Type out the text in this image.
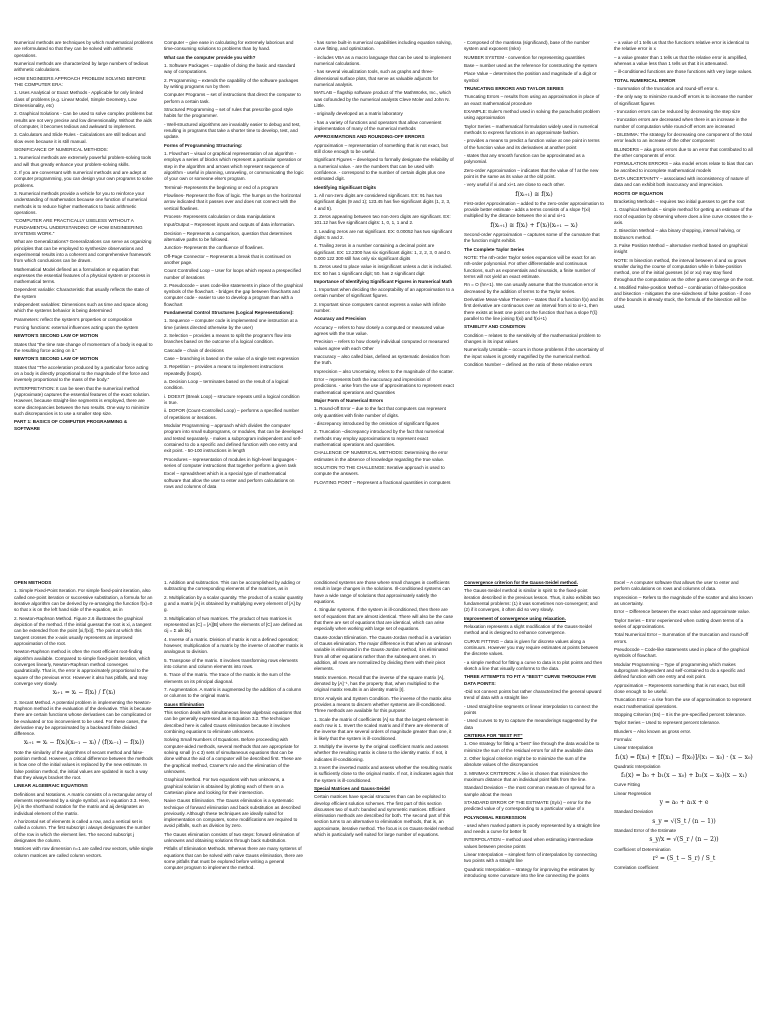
Numerical methods are techniques by which mathematical problems are reformulated so that they can be solved with arithmetic operations.

Numerical methods are characterized by large numbers of tedious arithmetic calculations.

HOW ENGINEERS APPROACH PROBLEM SOLVING BEFORE THE COMPUTER ERA:

1. Uses Analytical or Exact Methods - Applicable for only limited class of problems (e.g. Linear Model, Simple Geometry, Low Dimensionality, etc)

2. Graphical Solutions - Can be used to solve complex problems but results are not very precise and low dimensionality. Without the aids of computer, it becomes tedious and awkward to implement.

3. Calculators and Slide Rules - Calculations are still tedious and slow even because it is still manual.

SIGNIFICANCE OF NUMERICAL METHODS:

1. Numerical methods are extremely powerful problem-solving tools and will thus greatly enhance your problem-solving skills.

2. If you are conversant with numerical methods and are adept at computer programming, you can design your own programs to solve problems.

3. Numerical methods provide a vehicle for you to reinforce your understanding of mathematics because one function of numerical methods is to reduce higher mathematics to basic arithmetic operations.

"COMPUTER ARE PRACTICALLY USELESS WITHOUT A FUNDAMENTAL UNDERSTANDING OF HOW ENGINEERING SYSTEMS WORK."

What are Generalizations? Generalizations can serve as organizing principles that can be employed to synthesize observations and experimental results into a coherent and comprehensive framework from which conclusions can be drawn.

Mathematical Model defined as a formulation or equation that expresses the essential features of a physical system or process in mathematical terms.

Dependent variable: Characteristic that usually reflects the state of the system

Independent variables: Dimensions such as time and space along which the systems behavior is being determined

Parameters: reflect the system's properties or composition

Forcing functions: external influences acting upon the system

NEWTON'S SECOND LAW OF MOTION

States that "the time rate change of momentum of a body is equal to the resulting force acting on it."

NEWTON'S SECOND LAW OF MOTION

States that "The acceleration produced by a particular force acting on a body is directly proportional to the magnitude of the force and inversely proportional to the mass of the body."

INTERPRETATION: It can be seen that the numerical method (Approximate) captures the essential features of the exact solution. However, because straight-line segments is employed, there are some discrepancies between the two results. One way to minimize such discrepancies is to use a smaller step size.

PART 1: BASICS OF COMPUTER PROGRAMMING & SOFTWARE

Computer – give ease in calculating for extremely laborious and time-consuming solutions to problems than by hand.

What can the computer provide you with?

1. Software Packages – capable of doing the basic and standard way of computations.

2. Programming – extends the capability of the software packages by writing programs run by them

Computer Programs – set of instructions that direct the computer to perform a certain task.

Structured Programming – set of rules that prescribe good style habits for the programmer.

- Well-structured algorithms are invariably easier to debug and test, resulting in programs that take a shorter time to develop, test, and update.

Forms of Programming Structuring:

1. Flowchart – visual or graphical representation of an algorithm - employs a series of blocks which represent a particular operation or step in the algorithm and arrows which represent sequence of algorithm - useful in planning, unraveling, or communicating the logic of your own or someone else's program.

Terminal- Represents the beginning or end of a program

Flowlines- Represent the flow of logic. The humps on the horizontal arrow indicated that it passes over and does not connect with the vertical flowlines.

Process- Represents calculation or data manipulations

Input/Output – Represent inputs and outputs of data information.

Decision – Represents a comparison, question that determines alternative paths to be followed.

Junction- Represents the confluence of flowlines.

Off-Page Connector – Represents a break that is continued on another page.

Count Controlled Loop – User for loops which repeat a prespecified number of iterations

2. Pseudocode – uses code-like statements in place of the graphical symbols of the flowchart. - bridges the gap between flowcharts and computer code - easier to use to develop a program than with a flowchart

Fundamental Control Structures (Logical Representations):

1. Sequence – computer code is implemented one instruction at a time (unless directed otherwise by the user)

2. Selection – provides a means to split the program's flow into branches based on the outcome of a logical condition.

Cascade – chain of decisions

Case – branching is based on the value of a single test expression

3. Repetition – provides a means to implement instructions repeatedly (loops).

a. Decision Loop – terminates based on the result of a logical condition.

i. DOEXIT (Break Loop) – structure repeats until a logical condition is true.

ii. DOFOR (Count-Controlled Loop) – performs a specified number of repetitions or iterations.

Modular Programming – approach which divides the computer program into small subprograms, or modules, that can be developed and tested separately. - makes a subprogram independent and self-contained to do a specific and defined function with one entry and exit point. - 50-100 instructions in length

Procedures – representation of modules in high-level languages - series of computer instructions that together perform a given task

Excel – spreadsheet which is a special type of mathematical software that allow the user to enter and perform calculations on rows and columns of data

- has some built-in numerical capabilities including equation solving, curve fitting, and optimization.

- includes VBA as a macro language that can be used to implement numerical calculations.

- has several visualization tools, such as graphs and three-dimensional surface plots, that serve as valuable adjuncts for numerical analysis.

MATLAB – flagship software product of The MathWorks, Inc., which was cofounded by the numerical analysts Cleve Moler and John N. Little.

- originally developed as a matrix laboratory

- has a variety of functions and operators that allow convenient implementation of many of the numerical methods

APPROXIMATIONS AND ROUNDING-OFF ERRORS

Approximation – representation of something that is not exact, but still close enough to be useful.

Significant Figures – developed to formally designate the reliability of a numerical value. - are the numbers that can be used with confidence. - correspond to the number of certain digits plus one estimated digit.

Identifying Significant Digits

1. All non-zero digits are considered significant. EX: 91 has two significant digits (9 and 1); 123.45 has five significant digits (1, 2, 3, 4 and 5).

2. Zeros appearing between two non-zero digits are significant. EX: 101.12 has five significant digits: 1, 0, 1, 1 and 2.

3. Leading zeros are not significant. EX: 0.00052 has two significant digits: 5 and 2.

4. Trailing zeros in a number containing a decimal point are significant. EX: 12.2300 has six significant digits: 1, 2, 2, 3, 0 and 0. 0.000 122 300 still has only six significant digits

5. Zeros used to place value is insignificant unless a dot is included. EX: 50 has 1 significant digit; 50. has 2 significant digit

Importance of Identifying Significant Figures in Numerical Math

1. Important when deciding the acceptability of an approximation to a certain number of significant figures.

2. Important since computers cannot express a value with infinite number.

Accuracy and Precision

Accuracy – refers to how closely a computed or measured value agrees with the true value.

Precision – refers to how closely individual computed or measured values agree with each Other

Inaccuracy – also called bias, defined as systematic deviation from the truth.

Imprecision – also Uncertainty, refers to the magnitude of the scatter.

Error – represents both the inaccuracy and imprecision of predictions. - arise from the use of approximations to represent exact mathematical operations and Quantities

Major Form of Numerical Errors

1. Round-off Error – due to the fact that computers can represent only quantities with finite number of digits.

- discrepancy introduced by the omission of significant figures

2. Truncation –discrepancy introduced by the fact that numerical methods may employ approximations to represent exact mathematical operations and quantities.

CHALLENGE OF NUMERICAL METHODS: Determining the error estimates in the absence of knowledge regarding the true value.

SOLUTION TO THE CHALLENGE: Iterative approach is used to compute the answers.

FLOATING POINT – Represent a fractional quantities in computers

- Composed of the mantissa (significand), base of the number system and exponent (mkn)

NUMBER SYSTEM - convention for representing quantities

Base – number used as the reference for constructing the system

Place Value – determines the position and magnitude of a digit or symbol

TRUNCATING ERRORS AND TAYLOR SERIES

Truncating Errors – results from using an approximation in place of an exact mathematical procedure

EXAMPLE: Euler's method used in solving the parachutist problem using approximation

Taylor Series – mathematical formulation widely used in numerical methods to express functions in an approximate fashion.

- provides a means to predict a function value at one point in terms of the function value and its derivatives at another point

- states that any smooth function can be approximated as a polynomial.

Zero-order Approximation – indicates that the value of f at the new point is the same as its value at the old point.

- very useful if xi and xi+1 are close to each other.

f(xᵢ₊₁) ≅ f(xᵢ)

First-order Approximation – added to the zero-order approximation to provide better estimate - adds a terms consists of a slope f′(xi) multiplied by the distance between the xi and xi+1

f(xᵢ₊₁) ≅ f(xᵢ) + f′(xᵢ)(xᵢ₊₁ − xᵢ)

Second-order Approximation – captures some of the curvature that the function might exhibit.

The Complete Taylor Series

NOTE: The nth-order Taylor series expansion will be exact for an nth-order polynomial. For other differentiable and continuous functions, such as exponentials and sinusoids, a finite number of terms will not yield an exact estimate.

Rn = O (hn+1). We can usually assume that the truncation error is decreased by the addition of terms to the Taylor series.

Derivative Mean-Value Theorem – states that if a function f(x) and its first derivative are continuous over an interval from xi to xi+1, then there exists at least one point on the function that has a slope f′(ξ) parallel to the line joining f(xi) and f(xi+1)

STABILITY AND CONDITION

Condition – relates to the sensitivity of the mathematical problem to changes in its input values

Numerically Unstable – occurs in those problems if the uncertainty of the input values is grossly magnified by the numerical method.

Condition Number – defined as the ratio of these relative errors

– a value of 1 tells us that the function's relative error is identical to the relative error in x

– a value greater than 1 tells us that the relative error is amplified, whereas a value less than 1 tells us that it is attenuated.

– ill-conditioned functions are those functions with very large values.

TOTAL NUMERICAL ERROR

- Summation of the truncation and round-off error s.

- the only way to minimize round-off errors is to increase the number of significant figures

- truncation errors can be reduced by decreasing the step size

- truncation errors are decreased when there is an increase in the number of computation while round-off errors are increased

- DILEMMA: The strategy for decreasing one component of the total error leads to an increase of the other component

BLUNDERS – aka gross errors due to an error that contributed to all the other components of error.

FORMULATION ERRORS – aka model errors relate to bias that can be ascribed to incomplete mathematical models

DATA UNCERTAINTY – associated with inconsistency of nature of data and can exhibit both inaccuracy and imprecision.

ROOTS OF EQUATION

Bracketing Methods – requires two initial guesses to get the root

1. Graphical Methods – simple method for getting an estimate of the root of equation by observing where does a line curve crosses the x-axis.

2. Bisection Method – aka binary chopping, interval halving, or Bolzano's method.

3. False Position Method – alternative method based on graphical insight

NOTE: In bisection method, the interval between xl and xu grows smaller during the course of computation while in false-position method, one of the initial guesses (xl or xu) may stay fixed throughout the computation as the other guess converge on the root.

4. Modified False-position Method – combination of false-position and bisection - mitigates the one-sidedness of false position - if one of the bounds is already stuck, the formula of the bisection will be used.

OPEN METHODS

1. Simple Fixed-Point Iteration. For simple fixed-point iteration, also called one-point iteration or successive substitution, a formula for an iterative algorithm can be derived by re-arranging the function f(x)=0 so that x is on the left hand side of the equation, as in

2. Newton-Raphson Method. Figure 2.6 illustrates the graphical depiction of the method. If the initial guessat the root is xi, a tangent can be extended from the point [xi,f(xi)]. The point at which this tangent crosses the x-axis usually represents an improved approximation of the root.

Newton-Raphson method is often the most efficient root-finding algorithm available. Compared to simple fixed-point iteration, which converges linearly, Newton-Raphson method converges quadratically. That is, the error is approximately proportional to the square of the previous error. However it also has pitfalls, and may converge very slowly.

xᵢ₊₁ = xᵢ − f(xᵢ) / f′(xᵢ)

3. Secant Method. A potential problem in implementing the Newton-Raphson method is the evaluation of the derivative. This is because there are certain functions whose derivatives can be complicated or be evaluated or too inconvenient to be used. For these cases, the derivative may be approximated by a backward finite divided difference.

xᵢ₊₁ = xᵢ − f(xᵢ)(xᵢ₋₁ − xᵢ) / (f(xᵢ₋₁) − f(xᵢ))

Note the similarity of the algorithms of secant method and false-position method. However, a critical difference between the methods is how one of the initial values is replaced by the new estimate. In false position method, the initial values are updated in such a way that they always bracket the root.

LINEAR ALGEBRAIC EQUATIONS

Definitions and Notations. A matrix consists of a rectangular array of elements represented by a single symbol, as in equation 3.3. Here, [A] is the shorthand notation for the matrix and aij designates an individual element of the matrix.

A horizontal set of elements is called a row, and a vertical set is called a column. The first subscript i always designates the number of the row in which the element lies. The second subscript j designates the column.

Matrices with row dimension n=1 are called row vectors, while single column matrices are called column vectors.

1. Addition and subtraction. This can be accomplished by adding or subtracting the corresponding elements of the matrices, as in

2. Multiplication by a scalar quantity. The product of a scalar quantity g and a matrix [A] is obtained by multiplying every element of [A] by g.

3. Multiplication of two matrices. The product of two matrices is represented as [C] = [A][B] where the elements of [C] are defined as cij = Σ aik bkj

4. Inverse of a matrix. Division of matrix is not a defined operation; however, multiplication of a matrix by the inverse of another matrix is analogous to division.

5. Transpose of the matrix. It involves transforming rows elements into column and column elements into rows.

6. Trace of the matrix. The trace of the matrix is the sum of the elements on its principal diagonal.

7. Augmentation. A matrix is augmented by the addition of a column or columns to the original matrix.

Gauss Elimination

This section deals with simultaneous linear algebraic equations that can be generally expressed as in Equation 3.2. The technique described here is called Gauss elimination because it involves combining equations to eliminate unknowns.

Solving Small Numbers of Equations. Before proceeding with computer-aided methods, several methods that are appropriate for solving small (n ≤ 3) sets of simultaneous equations that can be done without the aid of a computer will be described first. These are the graphical method, Cramer's rule and the elimination of the unknowns.

Graphical Method. For two equations with two unknowns, a graphical solution is obtained by plotting each of them on a Cartesian plane and looking for their intersection.

Naive Gauss Elimination. The Gauss elimination is a systematic technique of forward elimination and back substitution as described previously. Although these techniques are ideally suited for implementation on computers, some modifications are required to avoid pitfalls, such as division by zero.

The Gauss elimination consists of two steps: forward elimination of unknowns and obtaining solutions through back substitution.

Pitfalls of Elimination Methods. Whereas there are many systems of equations that can be solved with naive Gauss elimination, there are some pitfalls that must be explored before writing a general computer program to implement the method.

conditioned systems are those where small changes in coefficients result in large changes in the solutions. Ill-conditioned systems can have a wide range of solutions that approximately satisfy the equations.

4. Singular systems. If the system is ill-conditioned, then there are set of equations that are almost identical. There will also be the case that there are set of equations that are identical, which can arise especially when working with large set of equations.

Gauss-Jordan Elimination. The Gauss-Jordan method is a variation of Gauss elimination. The major difference is that when an unknown variable is eliminated in the Gauss-Jordan method, it is eliminated from all other equations rather than the subsequent ones. In addition, all rows are normalized by dividing them with their pivot elements.

Matrix Inversion. Recall that the inverse of the square matrix [A], denoted by [A]⁻¹, has the property that, when multiplied to the original matrix results in an identity matrix [I].

Error Analysis and System Condition. The inverse of the matrix also provides a means to discern whether systems are ill-conditioned. Three methods are available for this purpose:

1. Scale the matrix of coefficients [A] so that the largest element in each row is 1. Invert the scaled matrix and if there are elements of the inverse that are several orders of magnitude greater than one, it is likely that the system is ill-conditioned.

2. Multiply the inverse by the original coefficient matrix and assess whether the resulting matrix is close to the identity matrix. If not, it indicates ill-conditioning.

3. Invert the inverted matrix and assess whether the resulting matrix is sufficiently close to the original matrix. If not, it indicates again that the system is ill-conditioned.

Special Matrices and Gauss-Seidel

Certain matrices have special structures than can be exploited to develop efficient solution schemes. The first part of this section discusses two of such: banded and symmetric matrices. Efficient elimination methods are described for both. The second part of this section turns to an alternative to elimination methods, that is, an approximate, iterative method. The focus is on Gauss-Seidel method which is particularly well suited for large number of equations.

Convergence criterion for the Gauss-Seidel method.

The Gauss-Seidel method is similar in spirit to the fixed-point iteration described in the previous lesson. Thus, it also exhibits two fundamental problems: (1) it was sometimes non-convergent; and (2) if it converges, it often did so very slowly.

Improvement of convergence using relaxation.

Relaxation represents a slight modification of the Gauss-Seidel method and is designed to enhance convergence.

CURVE FITTING – data is given for discrete values along a continuum. However you may require estimates at points between the discrete values.

- a simple method for fitting a curve to data is to plot points and then sketch a line that visually conforms to the data.

THREE ATTEMPTS TO FIT A "BEST" CURVE THROUGH FIVE DATA POINTS:

-Did not connect points but rather characterized the general upward trend of data with a straight line

- Used straight-line segments or linear interpolation to connect the points

- Used curves to try to capture the meanderings suggested by the data

CRITERIA FOR "BEST FIT"

1. One strategy for fitting a "best" line through the data would be to minimize the sum of the residual errors for all the available data

2. Other logical criterion might be to minimize the sum of the absolute values of the discrepancies

3. MINIMAX CRITERION: A line is chosen that minimizes the maximum distance that an individual point falls from the line.

Standard Deviation – the most common measure of spread for a sample about the mean

STANDARD ERROR OF THE ESTIMATE (Sy/x) – error for the predicted value of y corresponding to a particular value of x

POLYNOMIAL REGRESSION

- used when marked pattern is poorly represented by a straight line and needs a curve for better fit

INTERPOLATION – method used when estimating intermediate values between precise points

Linear Interpolation – simplest form of interpolation by connecting two points with a straight line

Quadratic Interpolation – strategy for improving the estimates by introducing some curvature into the line connecting the points

Excel – A computer software that allows the user to enter and perform calculations on rows and columns of data.

Imprecision – Refers to the magnitude of the scatter and also known as uncertainty.

Error – Difference between the exact value and approximate value.

Taylor Series – Error experienced when cutting down terms of a series of approximations.

Total Numerical Error – Summation of the truncation and round-off errors.

Pseudocode – Code-like statements used in place of the graphical symbols of flowchart.

Modular Programming – Type of programming which makes subprogram independent and self-contained to do a specific and defined function with one entry and exit point.

Approximation – Represents something that is not exact, but still close enough to be useful.

Truncation Error – a rise from the use of approximation to represent exact mathematical operations.

Stopping Criterion (Es) – It is the pre-specified percent tolerance.

Taylor Series – Used to represent percent tolerance.

Blunders – Also known as gross error.

Formula:

Linear Interpolation

f₁(x) = f(x₀) + [f(x₁) − f(x₀)]/(x₁ − x₀) · (x − x₀)

Quadratic Interpolation

f₂(x) = b₀ + b₁(x − x₀) + b₂(x − x₀)(x − x₁)

Curve Fitting

Linear Regression

y = a₀ + a₁x + e

Standard Deviation

s_y = √(S_t / (n − 1))

Standard Error of the Estimate

s_y/x = √(S_r / (n − 2))

Coefficient of Determination

r² = (S_t − S_r) / S_t

Correlation coefficient
